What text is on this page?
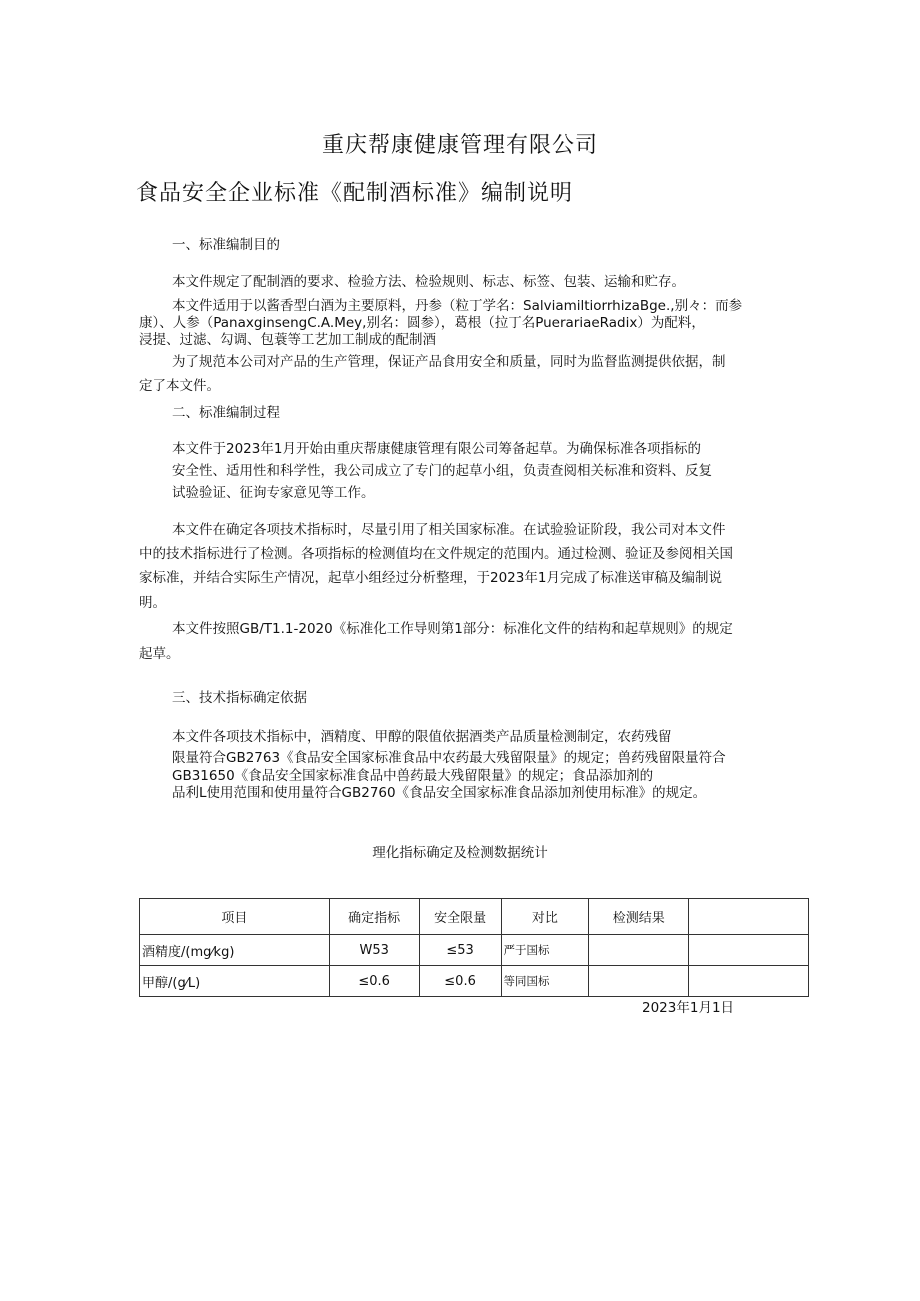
重庆帮康健康管理有限公司
食品安全企业标准《配制酒标准》编制说明
一、标准编制目的
本文件规定了配制酒的要求、检验方法、检验规则、标志、标签、包装、运输和贮存。
本文件适用于以酱香型白酒为主要原料，丹参（粒丁学名：SalviamiltiorrhizaBge.,别々：而参
康）、人参（PanaxginsengC.A.Mey,别名：圆参），葛根（拉丁名PuerariaeRadix）为配料，
浸提、过滤、勾调、包蓑等工艺加工制成的配制酒
为了规范本公司对产品的生产管理，保证产品食用安全和质量，同时为监督监测提供依据，制
定了本文件。
二、标准编制过程
本文件于2023年1月开始由重庆帮康健康管理有限公司筹备起草。为确保标准各项指标的
安全性、适用性和科学性，我公司成立了专门的起草小组，负责查阅相关标准和资料、反复
试验验证、征询专家意见等工作。
本文件在确定各项技术指标时，尽量引用了相关国家标准。在试验验证阶段，我公司对本文件
中的技术指标进行了检测。各项指标的检测值均在文件规定的范围内。通过检测、验证及参阅相关国
家标准，并结合实际生产情况，起草小组经过分析整理，于2023年1月完成了标准送审稿及编制说
明。
本文件按照GB/T1.1-2020《标准化工作导则第1部分：标准化文件的结构和起草规则》的规定
起草。
三、技术指标确定依据
本文件各项技术指标中，酒精度、甲醇的限值依据酒类产品质量检测制定，农药残留
限量符合GB2763《食品安全国家标准食品中农药最大残留限量》的规定；兽药残留限量符合
GB31650《食品安全国家标准食品中兽药最大残留限量》的规定；食品添加剂的
品利L使用范围和使用量符合GB2760《食品安全国家标准食品添加剂使用标准》的规定。
理化指标确定及检测数据统计
项目	确定指标	安全限量	对比	检测结果	
酒精度/(mg⁄kg)	W53	≤53	严于国标		
甲醇/(g⁄L)	≤0.6	≤0.6	等同国标		
2023年1月1日
